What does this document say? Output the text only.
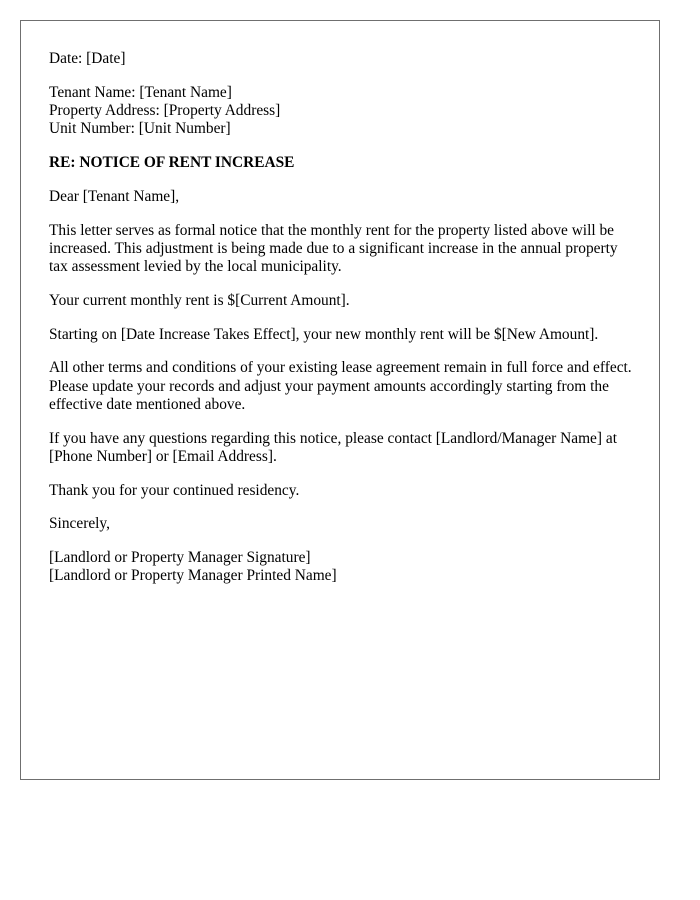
Date: [Date]

Tenant Name: [Tenant Name]
Property Address: [Property Address]
Unit Number: [Unit Number]

RE: NOTICE OF RENT INCREASE

Dear [Tenant Name],

This letter serves as formal notice that the monthly rent for the property listed above will be increased. This adjustment is being made due to a significant increase in the annual property tax assessment levied by the local municipality.

Your current monthly rent is $[Current Amount].

Starting on [Date Increase Takes Effect], your new monthly rent will be $[New Amount].

All other terms and conditions of your existing lease agreement remain in full force and effect. Please update your records and adjust your payment amounts accordingly starting from the effective date mentioned above.

If you have any questions regarding this notice, please contact [Landlord/Manager Name] at [Phone Number] or [Email Address].

Thank you for your continued residency.

Sincerely,

[Landlord or Property Manager Signature]
[Landlord or Property Manager Printed Name]
